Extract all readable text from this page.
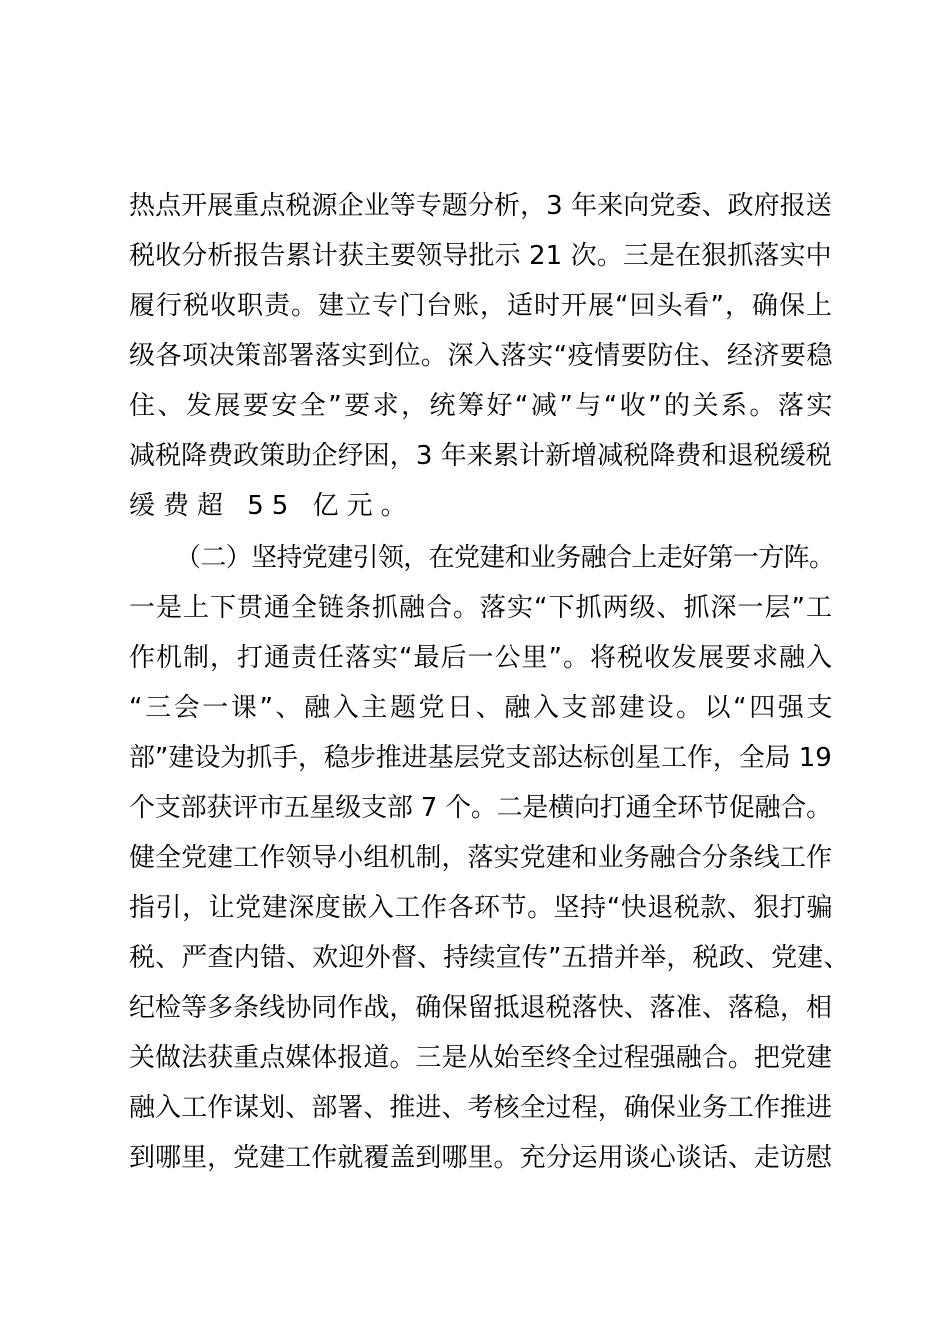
热点开展重点税源企业等专题分析，3 年来向党委、政府报送
税收分析报告累计获主要领导批示 21 次。三是在狠抓落实中
履行税收职责。建立专门台账，适时开展“回头看”，确保上
级各项决策部署落实到位。深入落实“疫情要防住、经济要稳
住、发展要安全”要求，统筹好“减”与“收”的关系。落实
减税降费政策助企纾困，3 年来累计新增减税降费和退税缓税
缓费超 55 亿元。
（二）坚持党建引领，在党建和业务融合上走好第一方阵。
一是上下贯通全链条抓融合。落实“下抓两级、抓深一层”工
作机制，打通责任落实“最后一公里”。将税收发展要求融入
“三会一课”、融入主题党日、融入支部建设。以“四强支
部”建设为抓手，稳步推进基层党支部达标创星工作，全局 19
个支部获评市五星级支部 7 个。二是横向打通全环节促融合。
健全党建工作领导小组机制，落实党建和业务融合分条线工作
指引，让党建深度嵌入工作各环节。坚持“快退税款、狠打骗
税、严查内错、欢迎外督、持续宣传”五措并举，税政、党建、
纪检等多条线协同作战，确保留抵退税落快、落准、落稳，相
关做法获重点媒体报道。三是从始至终全过程强融合。把党建
融入工作谋划、部署、推进、考核全过程，确保业务工作推进
到哪里，党建工作就覆盖到哪里。充分运用谈心谈话、走访慰
